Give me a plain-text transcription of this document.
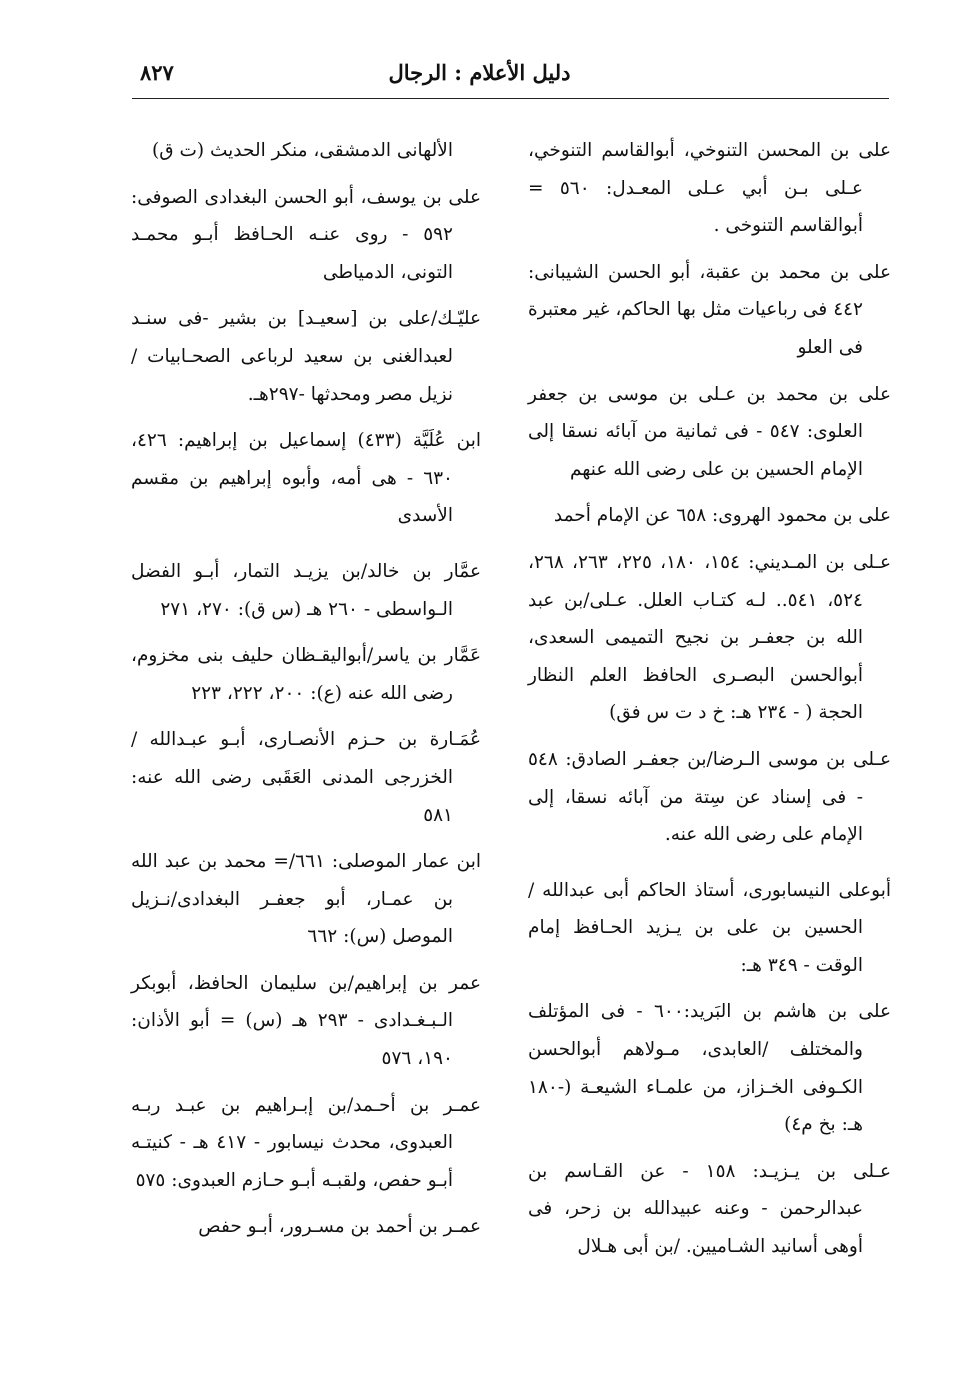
دليل الأعلام : الرجال
٨٢٧

على بن المحسن التنوخي، أبوالقاسم التنوخي، عـلى بـن أبي عـلى المعـدل: ٥٦٠ = أبوالقاسم التنوخى .

على بن محمد بن عقبة، أبو الحسن الشيبانى: ٤٤٢ فى رباعيات مثل بها الحاكم، غير معتبرة فى العلو

على بن محمد بن عـلى بن موسى بن جعفر العلوى: ٥٤٧ - فى ثمانية من آبائه نسقا إلى الإمام الحسين بن على رضى الله عنهم

على بن محمود الهروى: ٦٥٨ عن الإمام أحمد

عـلى بن المـديني: ١٥٤، ١٨٠، ٢٢٥، ٢٦٣، ٢٦٨، ٥٢٤، ٥٤١.. لـه كتـاب العلل. عـلى/بن عبد الله بن جعفـر بن نجيح التميمى السعدى، أبوالحسن البصـرى الحافظ العلم النظار الحجة ( - ٢٣٤ هـ: خ د ت س فق)

عـلى بن موسى الـرضا/بن جعفـر الصادق: ٥٤٨ - فى إسناد عن سِتة من آبائه نسقا، إلى الإمام على رضى الله عنه.

أبوعلى النيسابورى، أستاذ الحاكم أبى عبدالله /الحسين بن على بن يـزيد الحـافظ إمام الوقت - ٣٤٩ هـ:

على بن هاشم بن البَريد:٦٠٠ - فى المؤتلف والمختلف /العابدى، مـولاهم أبوالحسن الكـوفى الخـزاز، من علمـاء الشيعـة (-١٨٠ هـ: بخ م٤)

عـلى بن يـزيـد: ١٥٨ - عن القـاسم بن عبدالرحمن - وعنه عبيدالله بن زحر، فى أوهى أسانيد الشـاميين. /بن أبى هـلال

الألهانى الدمشقى، منكر الحديث (ت ق)

على بن يوسف، أبو الحسن البغدادى الصوفى: ٥٩٢ - روى عنـه الحـافظ أبـو محمـد التونى، الدمياطى

عليّـك/على بن [سعيـد] بن بشير -فى سنـد لعبدالغنى بن سعيد لرباعى الصحـابيات /نزيل مصر ومحدثها -٢٩٧هـ.

ابن عُلَيَّة (٤٣٣) إسماعيل بن إبراهيم: ٤٢٦، ٦٣٠ - هى أمه، وأبوه إبراهيم بن مقسم الأسدى

عمَّار بن خالد/بن يزيـد التمار، أبـو الفضل الـواسطى - ٢٦٠ هـ (س ق): ٢٧٠، ٢٧١

عَمَّار بن ياسر/أبواليقـظان حليف بنى مخزوم، رضى الله عنه (ع): ٢٠٠، ٢٢٢، ٢٢٣

عُمَـارة بن حـزم الأنصـارى، أبـو عبـدالله /الخزرجى المدنى العَقَبى رضى الله عنه: ٥٨١

ابن عمار الموصلى: ٦٦١/= محمد بن عبد الله بن عمـار، أبو جعفـر البغدادى/نـزيل الموصل (س): ٦٦٢

عمر بن إبراهيم/بن سليمان الحافظ، أبوبكر الـبـغـدادى - ٢٩٣ هـ (س) = أبو الأذان: ١٩٠، ٥٧٦

عمـر بن أحـمد/بن إبـراهيم بن عبـد ربـه العبدوى، محدث نيسابور - ٤١٧ هـ - كنيتـه أبـو حفص، ولقبـه أبـو حـازم العبدوى: ٥٧٥

عمـر بن أحمد بن مسـرور، أبـو حفص
